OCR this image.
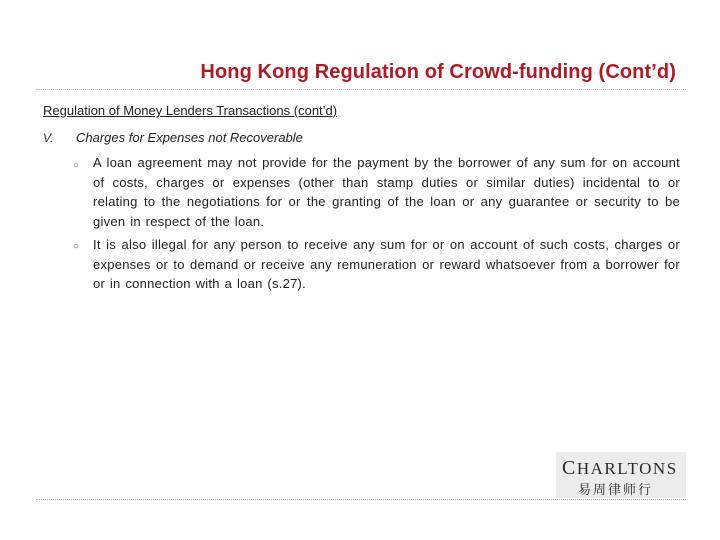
Hong Kong Regulation of Crowd-funding (Cont’d)
Regulation of Money Lenders Transactions (cont’d)
V. Charges for Expenses not Recoverable
○ A loan agreement may not provide for the payment by the borrower of any sum for on account of costs, charges or expenses (other than stamp duties or similar duties) incidental to or relating to the negotiations for or the granting of the loan or any guarantee or security to be given in respect of the loan.
○ It is also illegal for any person to receive any sum for or on account of such costs, charges or expenses or to demand or receive any remuneration or reward whatsoever from a borrower for or in connection with a loan (s.27).
CHARLTONS
易周律师行
